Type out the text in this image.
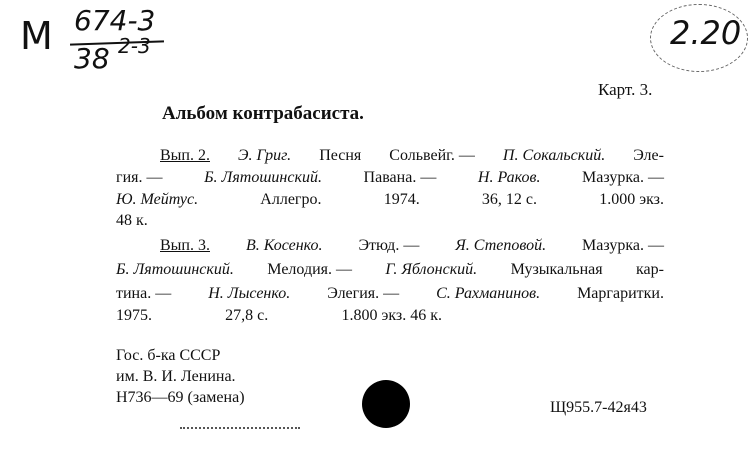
М 674-3
38 2-3	2.20
Карт. 3.
Альбом контрабасиста.
Вып. 2. Э. Григ. Песня Сольвейг. — П. Сокальский. Эле-
гия. —	Б. Лятошинский.	Павана. —	Н. Раков.	Мазурка. —
Ю. Мейтус.	Аллегро.	1974.	36, 12 с.	1.000 экз.
48 к.
Вып. 3. В. Косенко. Этюд. — Я. Степовой. Мазурка. —
Б. Лятошинский. Мелодия. — Г. Яблонский. Музыкальная кар-
тина. — Н. Лысенко. Элегия. — С. Рахманинов. Маргаритки.
1975.	27,8 с.	1.800 экз. 46 к.
Гос. б-ка СССР
им. В. И. Ленина.
Н736—69 (замена)
Щ955.7-42я43
